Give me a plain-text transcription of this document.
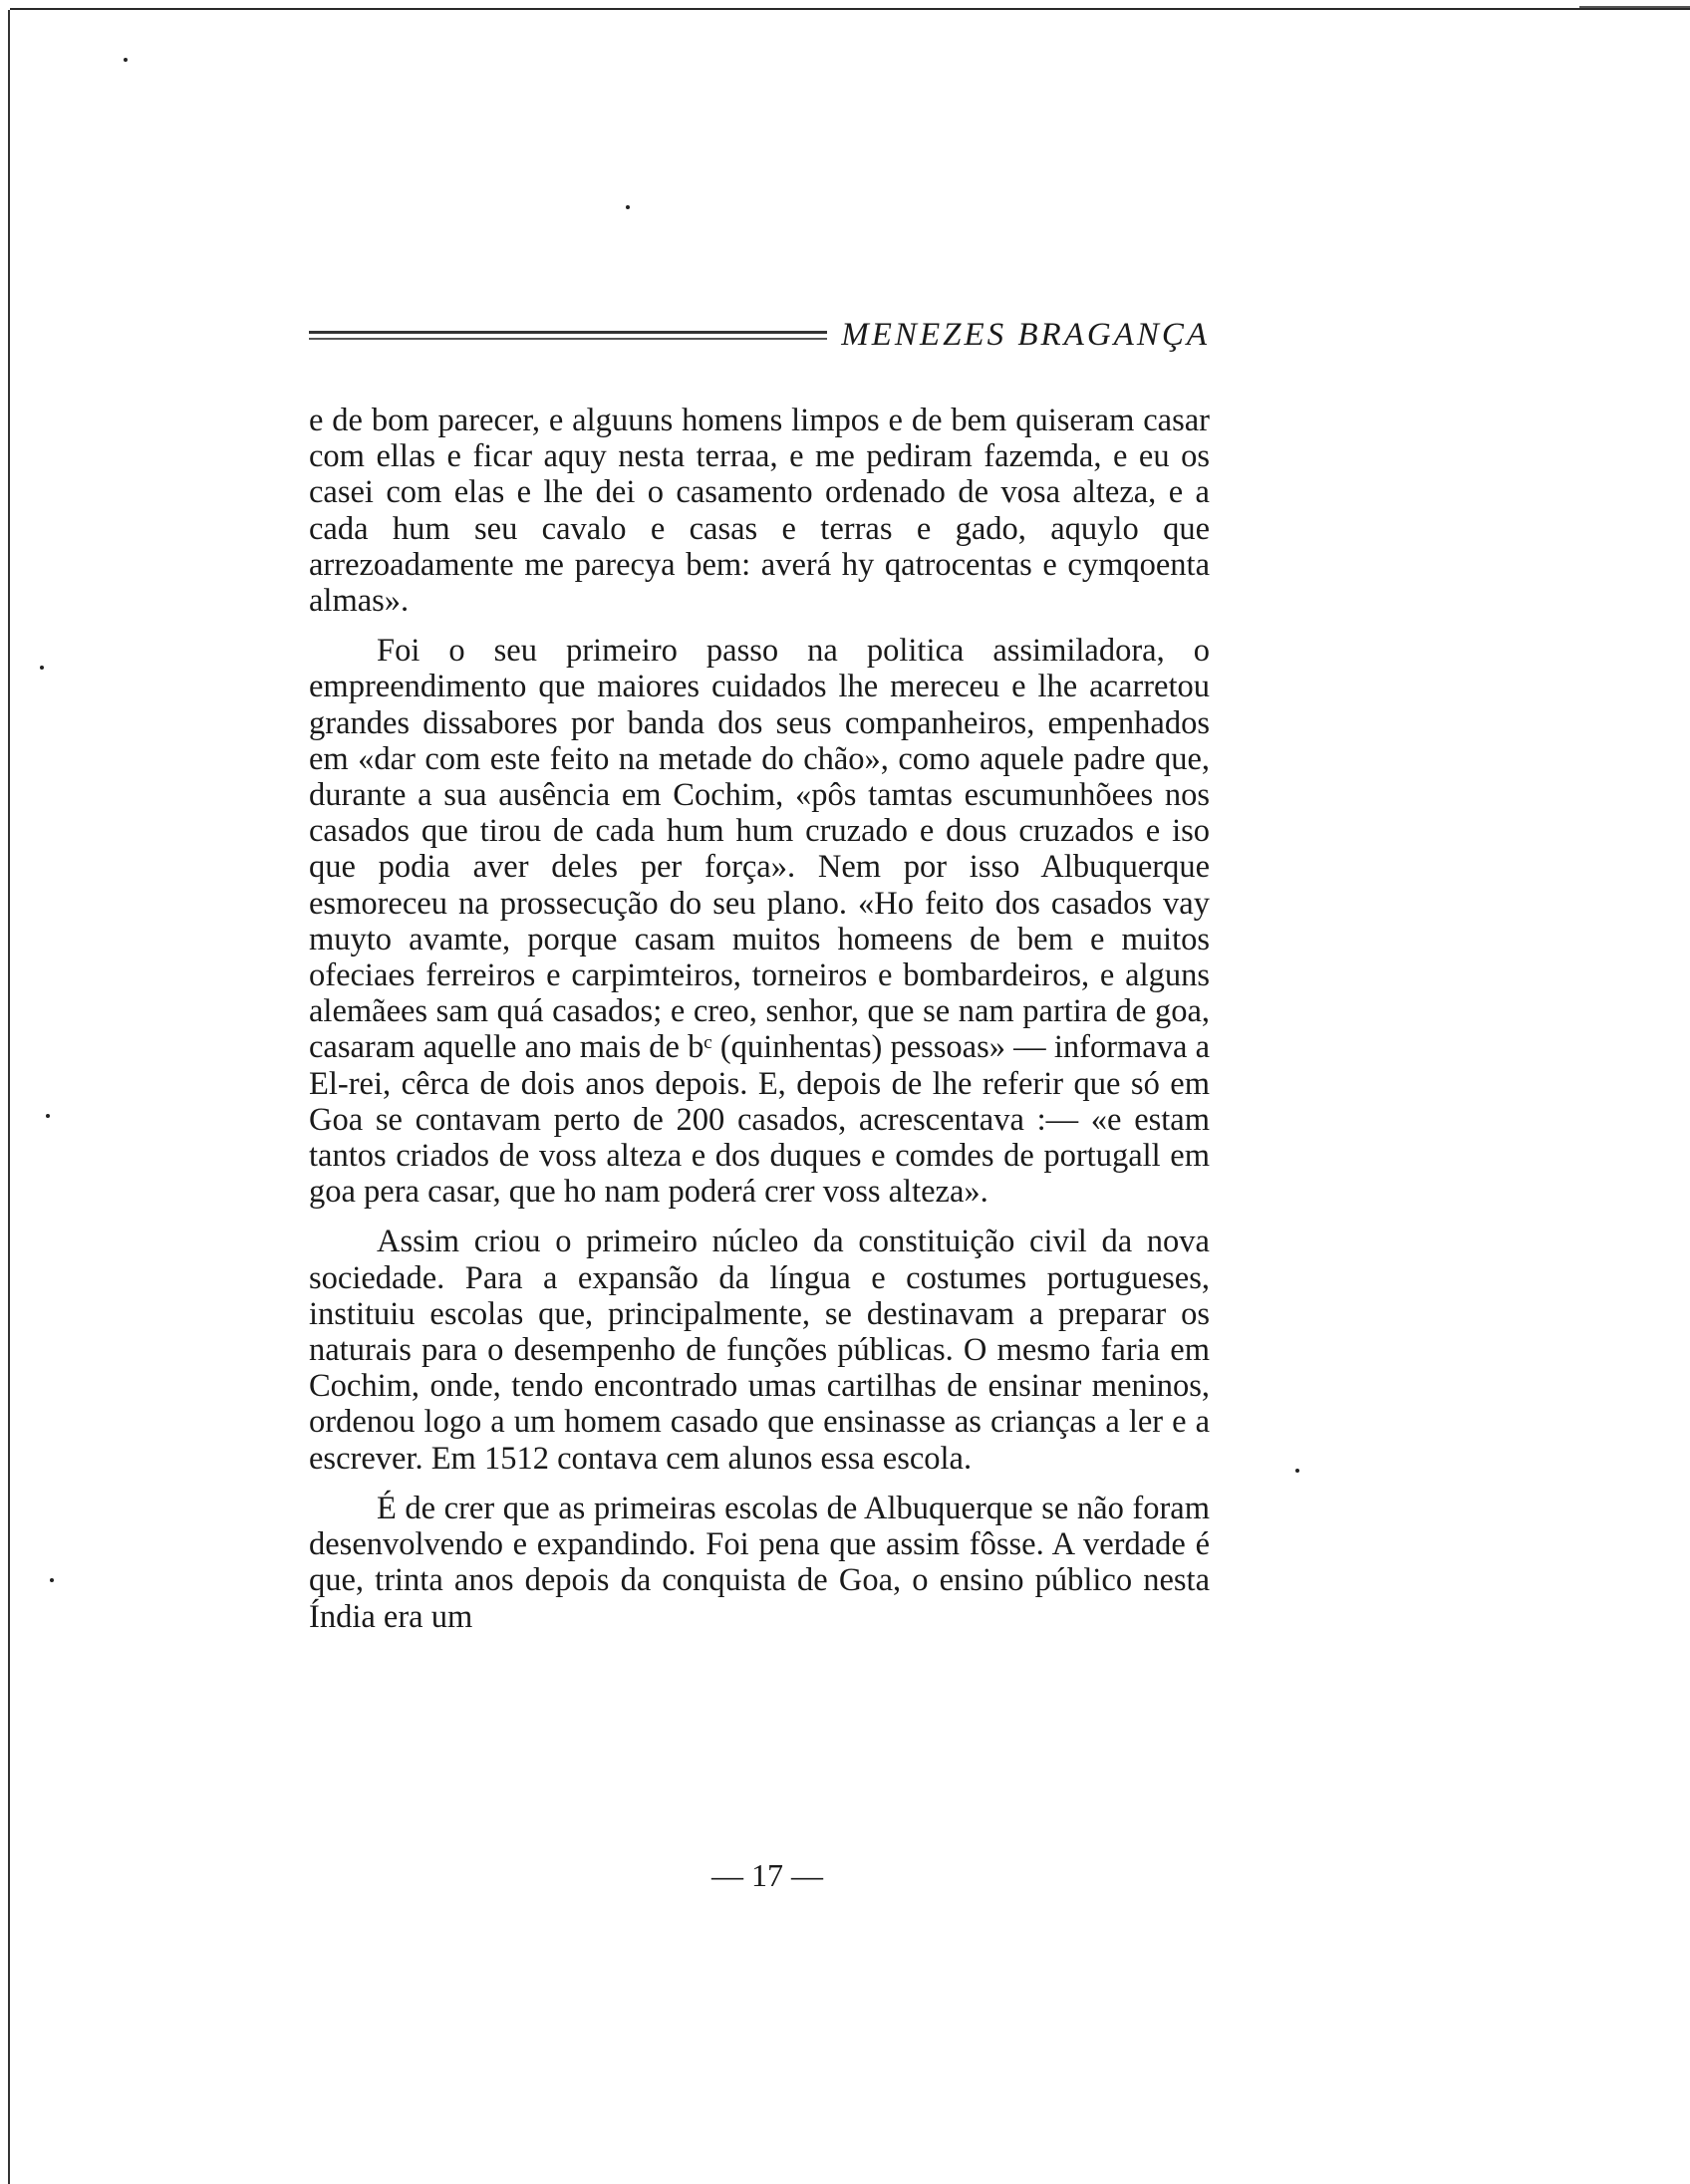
MENEZES BRAGANÇA

e de bom parecer, e alguuns homens limpos e de bem quiseram casar com ellas e ficar aquy nesta terraa, e me pediram fazemda, e eu os casei com elas e lhe dei o casamento ordenado de vosa alteza, e a cada hum seu cavalo e casas e terras e gado, aquylo que arrezoadamente me parecya bem: averá hy qatrocentas e cymqoenta almas».

Foi o seu primeiro passo na politica assimiladora, o empreendimento que maiores cuidados lhe mereceu e lhe acarretou grandes dissabores por banda dos seus companheiros, empenhados em «dar com este feito na metade do chão», como aquele padre que, durante a sua ausência em Cochim, «pôs tamtas escumunhõees nos casados que tirou de cada hum hum cruzado e dous cruzados e iso que podia aver deles per força». Nem por isso Albuquerque esmoreceu na prossecução do seu plano. «Ho feito dos casados vay muyto avamte, porque casam muitos homeens de bem e muitos ofeciaes ferreiros e carpimteiros, torneiros e bombardeiros, e alguns alemãees sam quá casados; e creo, senhor, que se nam partira de goa, casaram aquelle ano mais de bᶜ (quinhentas) pessoas» — informava a El-rei, cêrca de dois anos depois. E, depois de lhe referir que só em Goa se contavam perto de 200 casados, acrescentava :— «e estam tantos criados de voss alteza e dos duques e comdes de portugall em goa pera casar, que ho nam poderá crer voss alteza».

Assim criou o primeiro núcleo da constituição civil da nova sociedade. Para a expansão da língua e costumes portugueses, instituiu escolas que, principalmente, se destinavam a preparar os naturais para o desempenho de funções públicas. O mesmo faria em Cochim, onde, tendo encontrado umas cartilhas de ensinar meninos, ordenou logo a um homem casado que ensinasse as crianças a ler e a escrever. Em 1512 contava cem alunos essa escola.

É de crer que as primeiras escolas de Albuquerque se não foram desenvolvendo e expandindo. Foi pena que assim fôsse. A verdade é que, trinta anos depois da conquista de Goa, o ensino público nesta Índia era um

— 17 —
